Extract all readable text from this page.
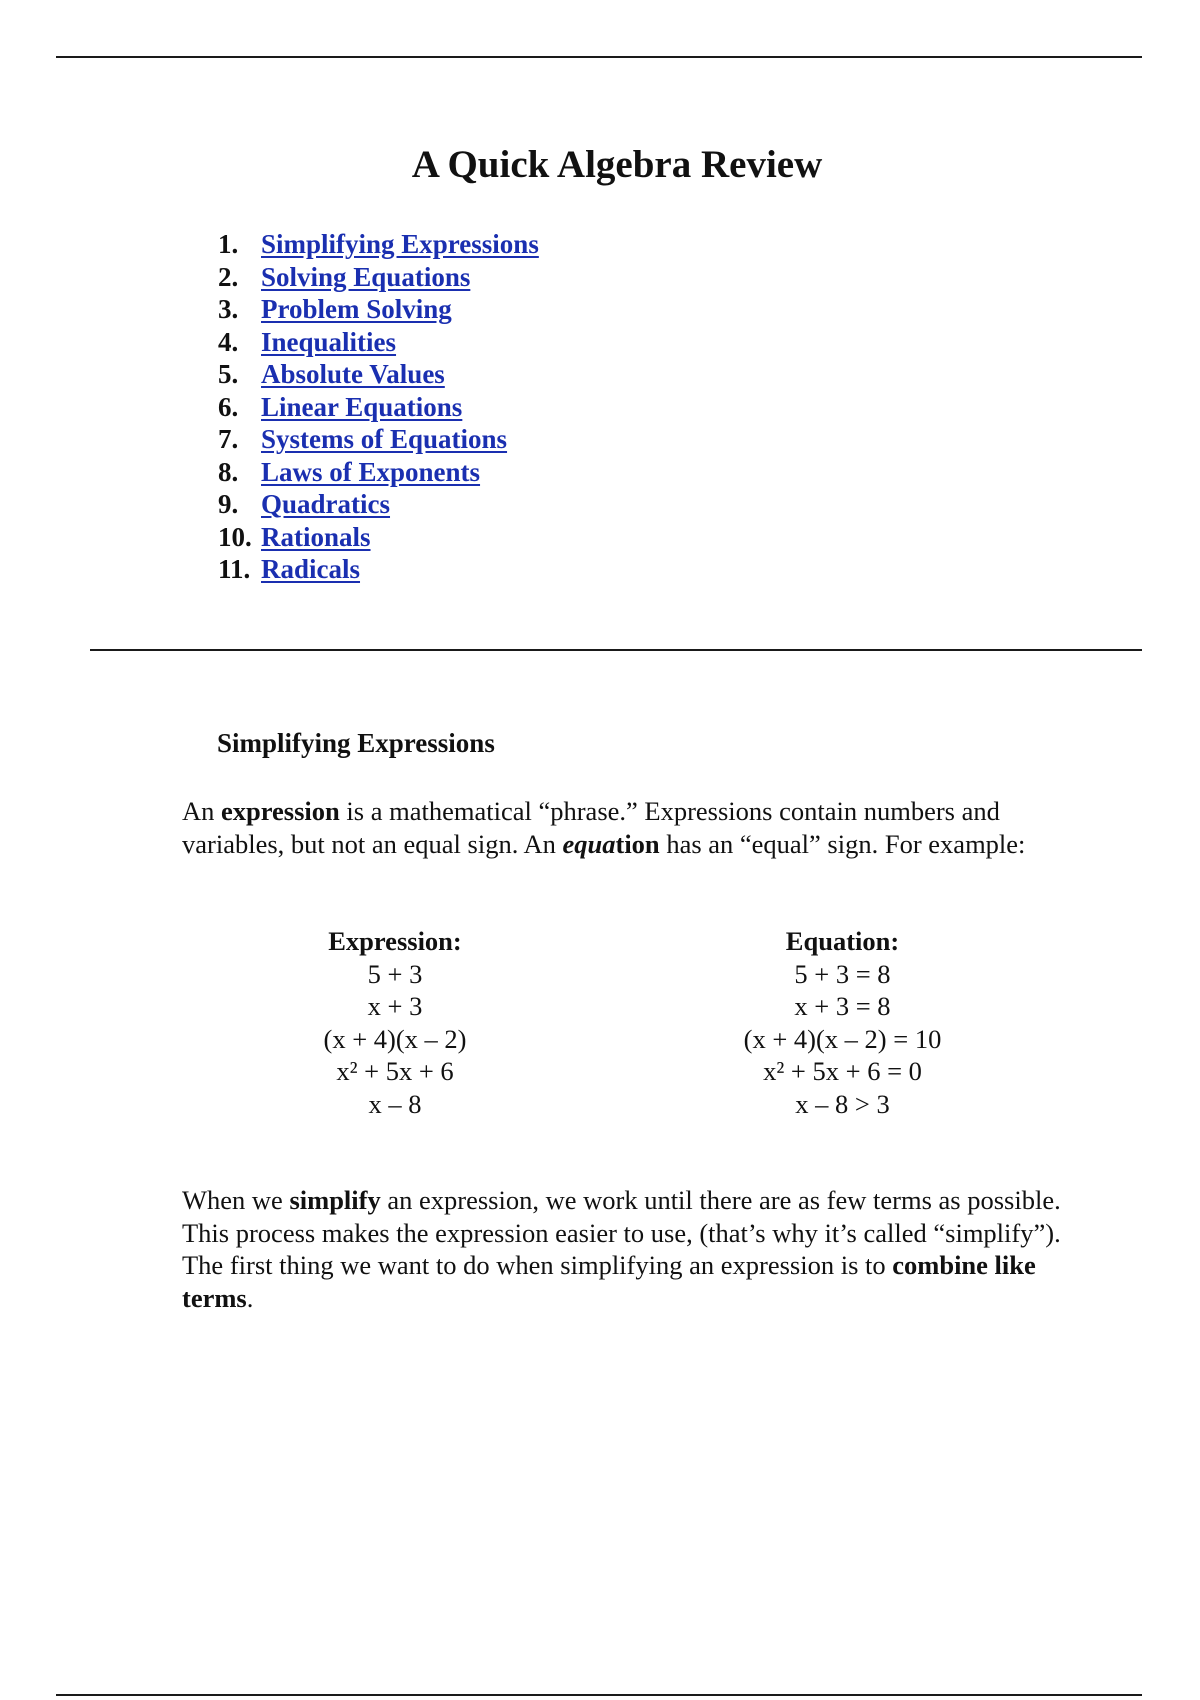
A Quick Algebra Review
1. Simplifying Expressions
2. Solving Equations
3. Problem Solving
4. Inequalities
5. Absolute Values
6. Linear Equations
7. Systems of Equations
8. Laws of Exponents
9. Quadratics
10. Rationals
11. Radicals
Simplifying Expressions

An expression is a mathematical “phrase.” Expressions contain numbers and variables, but not an equal sign. An equation has an “equal” sign. For example:

Expression:
5 + 3
x + 3
(x + 4)(x – 2)
x² + 5x + 6
x – 8
Equation:
5 + 3 = 8
x + 3 = 8
(x + 4)(x – 2) = 10
x² + 5x + 6 = 0
x – 8 > 3

When we simplify an expression, we work until there are as few terms as possible. This process makes the expression easier to use, (that’s why it’s called “simplify”). The first thing we want to do when simplifying an expression is to combine like terms.
